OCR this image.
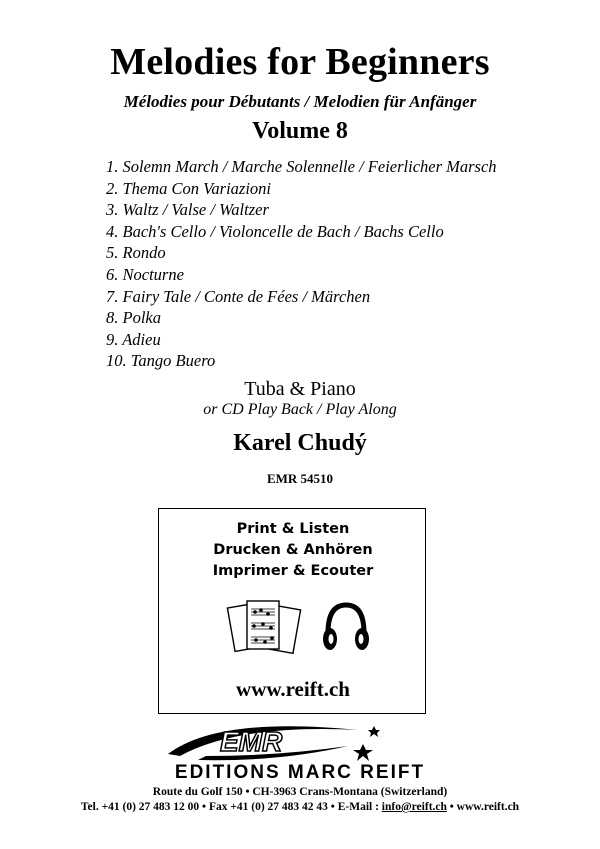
Melodies for Beginners
Mélodies pour Débutants / Melodien für Anfänger
Volume 8
1. Solemn March / Marche Solennelle / Feierlicher Marsch
2. Thema Con Variazioni
3. Waltz / Valse / Waltzer
4. Bach's Cello / Violoncelle de Bach / Bachs Cello
5. Rondo
6. Nocturne
7. Fairy Tale / Conte de Fées / Märchen
8. Polka
9. Adieu
10. Tango Buero
Tuba & Piano
or CD Play Back / Play Along
Karel Chudý
EMR 54510
Print & Listen
Drucken & Anhören
Imprimer & Ecouter
www.reift.ch
EMR
EDITIONS MARC REIFT
Route du Golf 150 • CH-3963 Crans-Montana (Switzerland)
Tel. +41 (0) 27 483 12 00 • Fax +41 (0) 27 483 42 43 • E-Mail : info@reift.ch • www.reift.ch
